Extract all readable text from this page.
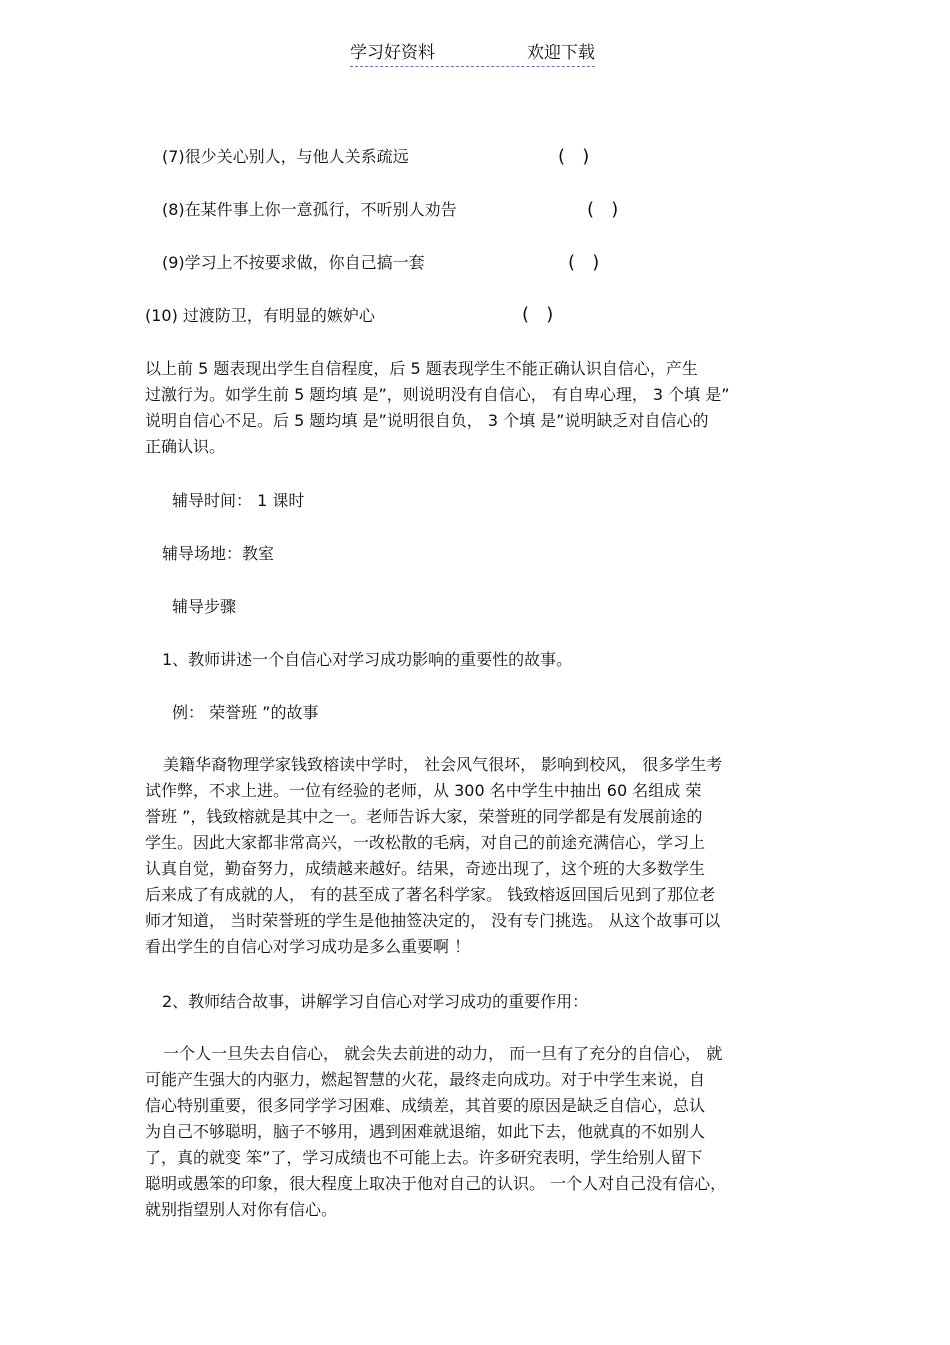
学习好资料	欢迎下载
(7)很少关心别人，与他人关系疏远	(   )
(8)在某件事上你一意孤行，不听别人劝告	(   )
(9)学习上不按要求做，你自己搞一套	(   )
(10) 过渡防卫，有明显的嫉妒心	(   )
以上前 5 题表现出学生自信程度，后 5 题表现学生不能正确认识自信心，产生
过激行为。如学生前 5 题均填 是”，则说明没有自信心， 有自卑心理， 3 个填 是”
说明自信心不足。后 5 题均填 是”说明很自负， 3 个填 是”说明缺乏对自信心的
正确认识。
辅导时间： 1 课时
辅导场地：教室
辅导步骤
1、教师讲述一个自信心对学习成功影响的重要性的故事。
例： 荣誉班 ”的故事
美籍华裔物理学家钱致榕读中学时， 社会风气很坏， 影响到校风， 很多学生考
试作弊，不求上进。一位有经验的老师，从 300 名中学生中抽出 60 名组成 荣
誉班 ”，钱致榕就是其中之一。老师告诉大家，荣誉班的同学都是有发展前途的
学生。因此大家都非常高兴，一改松散的毛病，对自己的前途充满信心，学习上
认真自觉，勤奋努力，成绩越来越好。结果，奇迹出现了，这个班的大多数学生
后来成了有成就的人， 有的甚至成了著名科学家。 钱致榕返回国后见到了那位老
师才知道， 当时荣誉班的学生是他抽签决定的， 没有专门挑选。 从这个故事可以
看出学生的自信心对学习成功是多么重要啊 ！
2、教师结合故事，讲解学习自信心对学习成功的重要作用：
一个人一旦失去自信心， 就会失去前进的动力， 而一旦有了充分的自信心， 就
可能产生强大的内驱力，燃起智慧的火花，最终走向成功。对于中学生来说，自
信心特别重要，很多同学学习困难、成绩差，其首要的原因是缺乏自信心，总认
为自己不够聪明，脑子不够用，遇到困难就退缩，如此下去，他就真的不如别人
了，真的就变 笨”了，学习成绩也不可能上去。许多研究表明，学生给别人留下
聪明或愚笨的印象，很大程度上取决于他对自己的认识。 一个人对自己没有信心，
就别指望别人对你有信心。
